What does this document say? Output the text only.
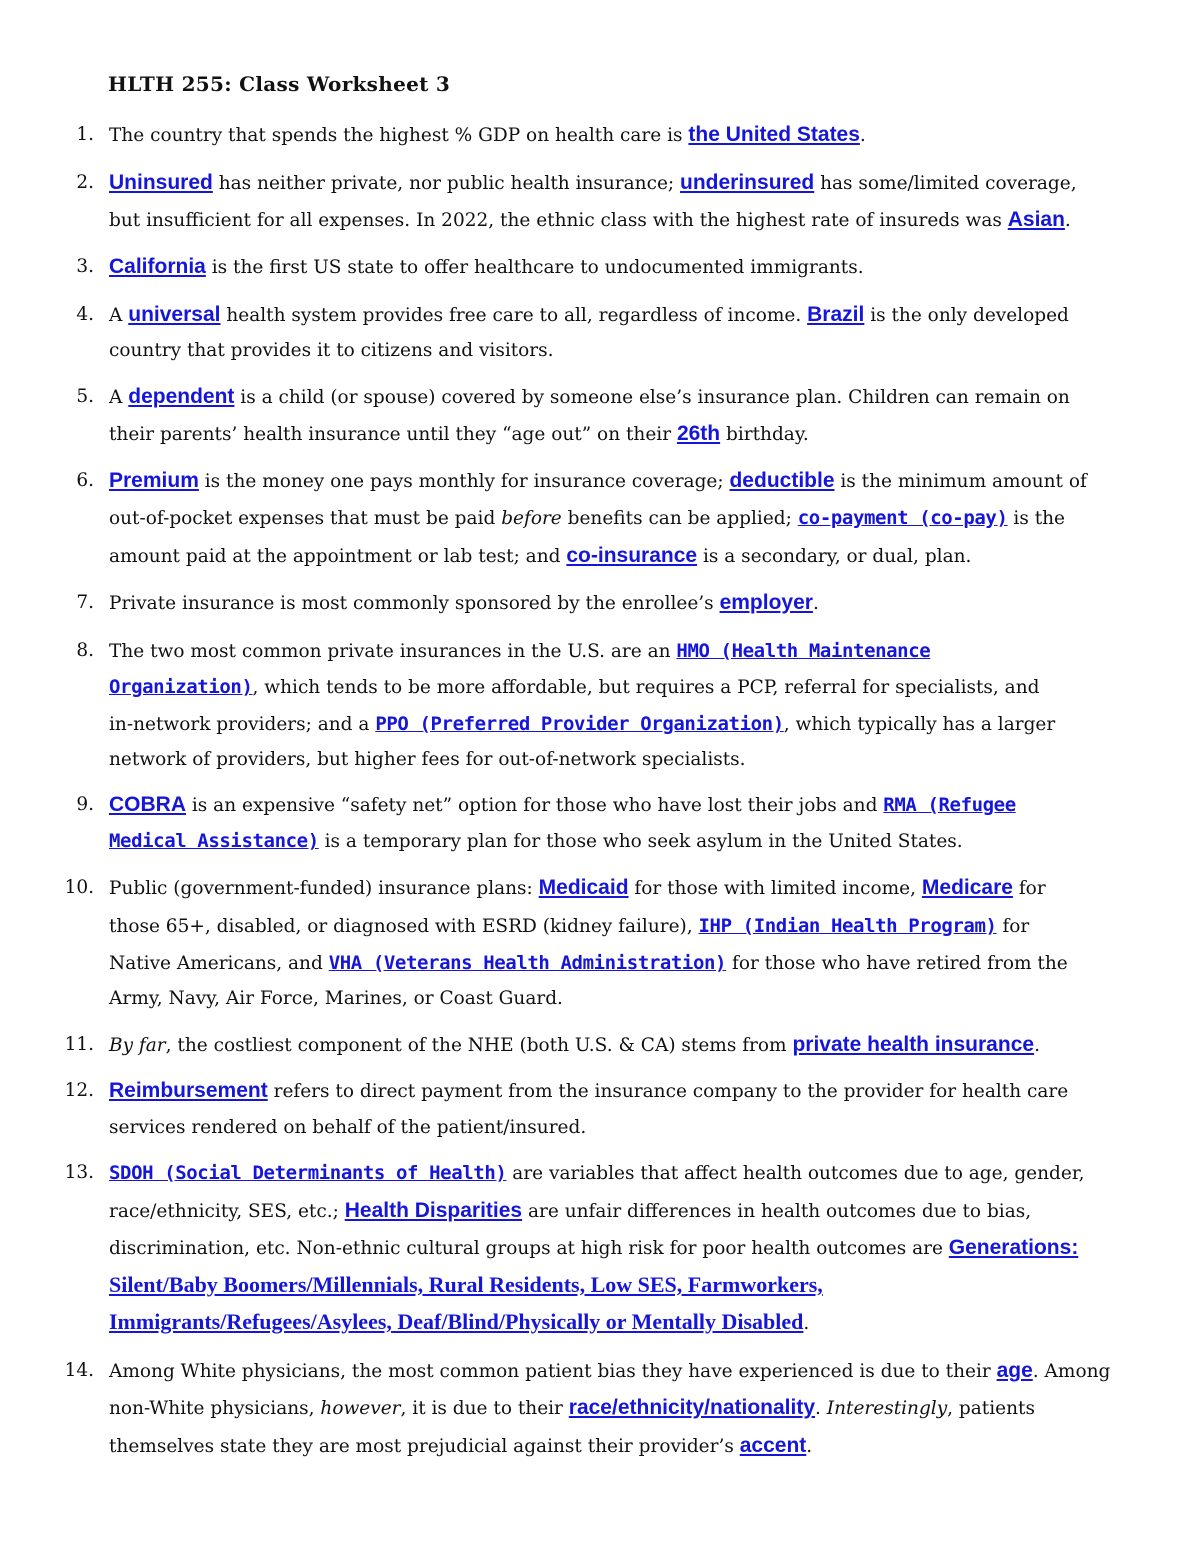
HLTH 255: Class Worksheet 3
1. The country that spends the highest % GDP on health care is the United States.
2. Uninsured has neither private, nor public health insurance; underinsured has some/limited coverage,
but insufficient for all expenses. In 2022, the ethnic class with the highest rate of insureds was Asian.
3. California is the first US state to offer healthcare to undocumented immigrants.
4. A universal health system provides free care to all, regardless of income. Brazil is the only developed
country that provides it to citizens and visitors.
5. A dependent is a child (or spouse) covered by someone else’s insurance plan. Children can remain on
their parents’ health insurance until they “age out” on their 26th birthday.
6. Premium is the money one pays monthly for insurance coverage; deductible is the minimum amount of
out-of-pocket expenses that must be paid before benefits can be applied; co-payment (co-pay) is the
amount paid at the appointment or lab test; and co-insurance is a secondary, or dual, plan.
7. Private insurance is most commonly sponsored by the enrollee’s employer.
8. The two most common private insurances in the U.S. are an HMO (Health Maintenance
Organization), which tends to be more affordable, but requires a PCP, referral for specialists, and
in-network providers; and a PPO (Preferred Provider Organization), which typically has a larger
network of providers, but higher fees for out-of-network specialists.
9. COBRA is an expensive “safety net” option for those who have lost their jobs and RMA (Refugee
Medical Assistance) is a temporary plan for those who seek asylum in the United States.
10. Public (government-funded) insurance plans: Medicaid for those with limited income, Medicare for
those 65+, disabled, or diagnosed with ESRD (kidney failure), IHP (Indian Health Program) for
Native Americans, and VHA (Veterans Health Administration) for those who have retired from the
Army, Navy, Air Force, Marines, or Coast Guard.
11. By far, the costliest component of the NHE (both U.S. & CA) stems from private health insurance.
12. Reimbursement refers to direct payment from the insurance company to the provider for health care
services rendered on behalf of the patient/insured.
13. SDOH (Social Determinants of Health) are variables that affect health outcomes due to age, gender,
race/ethnicity, SES, etc.; Health Disparities are unfair differences in health outcomes due to bias,
discrimination, etc. Non-ethnic cultural groups at high risk for poor health outcomes are Generations:
Silent/Baby Boomers/Millennials, Rural Residents, Low SES, Farmworkers,
Immigrants/Refugees/Asylees, Deaf/Blind/Physically or Mentally Disabled.
14. Among White physicians, the most common patient bias they have experienced is due to their age. Among
non-White physicians, however, it is due to their race/ethnicity/nationality. Interestingly, patients
themselves state they are most prejudicial against their provider’s accent.
